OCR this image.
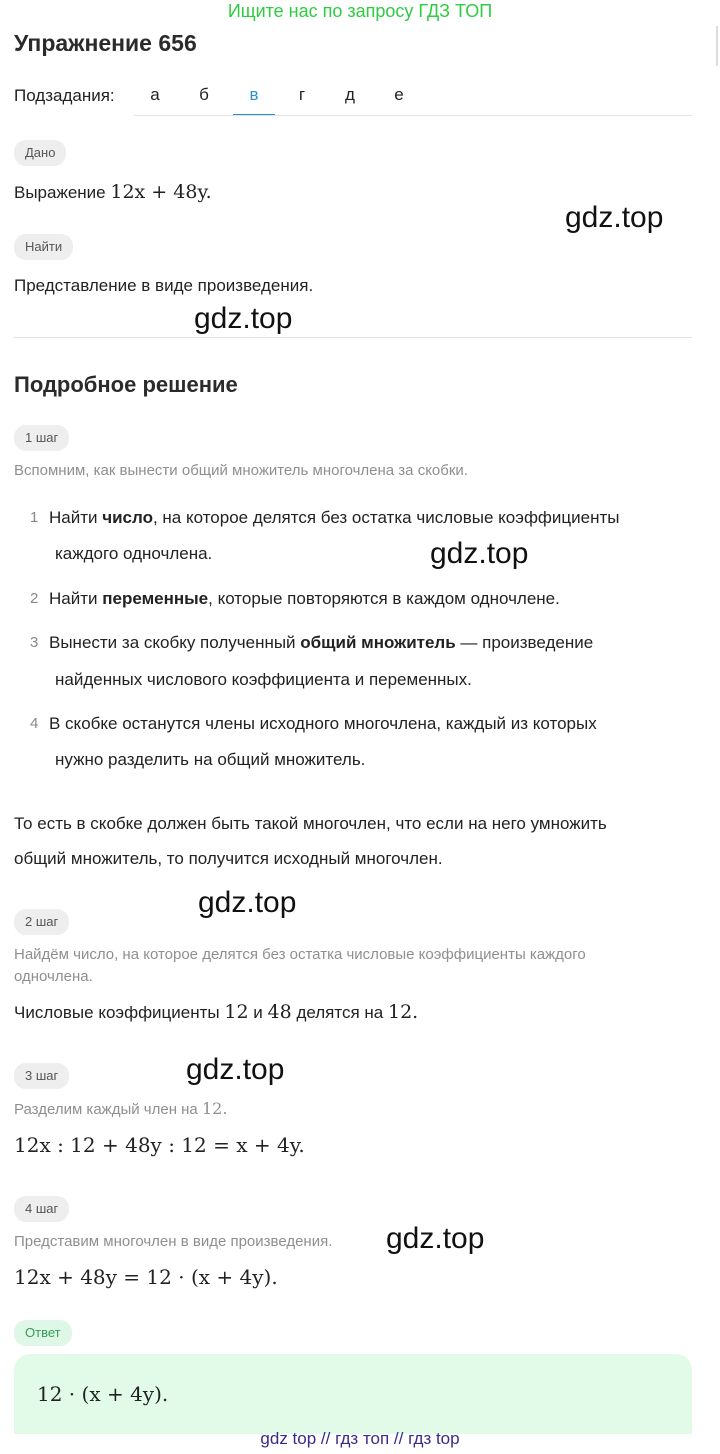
Ищите нас по запросу ГДЗ ТОП
Упражнение 656
Подзадания:	а	б	в	г	д	е
Дано
Выражение 12x + 48y.
gdz.top
Найти
Представление в виде произведения.
gdz.top
Подробное решение
1 шаг
Вспомним, как вынести общий множитель многочлена за скобки.
1 Найти число, на которое делятся без остатка числовые коэффициенты
каждого одночлена.	gdz.top
2 Найти переменные, которые повторяются в каждом одночлене.
3 Вынести за скобку полученный общий множитель — произведение
найденных числового коэффициента и переменных.
4 В скобке останутся члены исходного многочлена, каждый из которых
нужно разделить на общий множитель.
То есть в скобке должен быть такой многочлен, что если на него умножить
общий множитель, то получится исходный многочлен.
gdz.top
2 шаг
Найдём число, на которое делятся без остатка числовые коэффициенты каждого
одночлена.
Числовые коэффициенты 12 и 48 делятся на 12.
gdz.top
3 шаг
Разделим каждый член на 12.
12x : 12 + 48y : 12 = x + 4y.
4 шаг
Представим многочлен в виде произведения. gdz.top
12x + 48y = 12 · (x + 4y).
Ответ
12 · (x + 4y).
gdz top // гдз топ // гдз top
